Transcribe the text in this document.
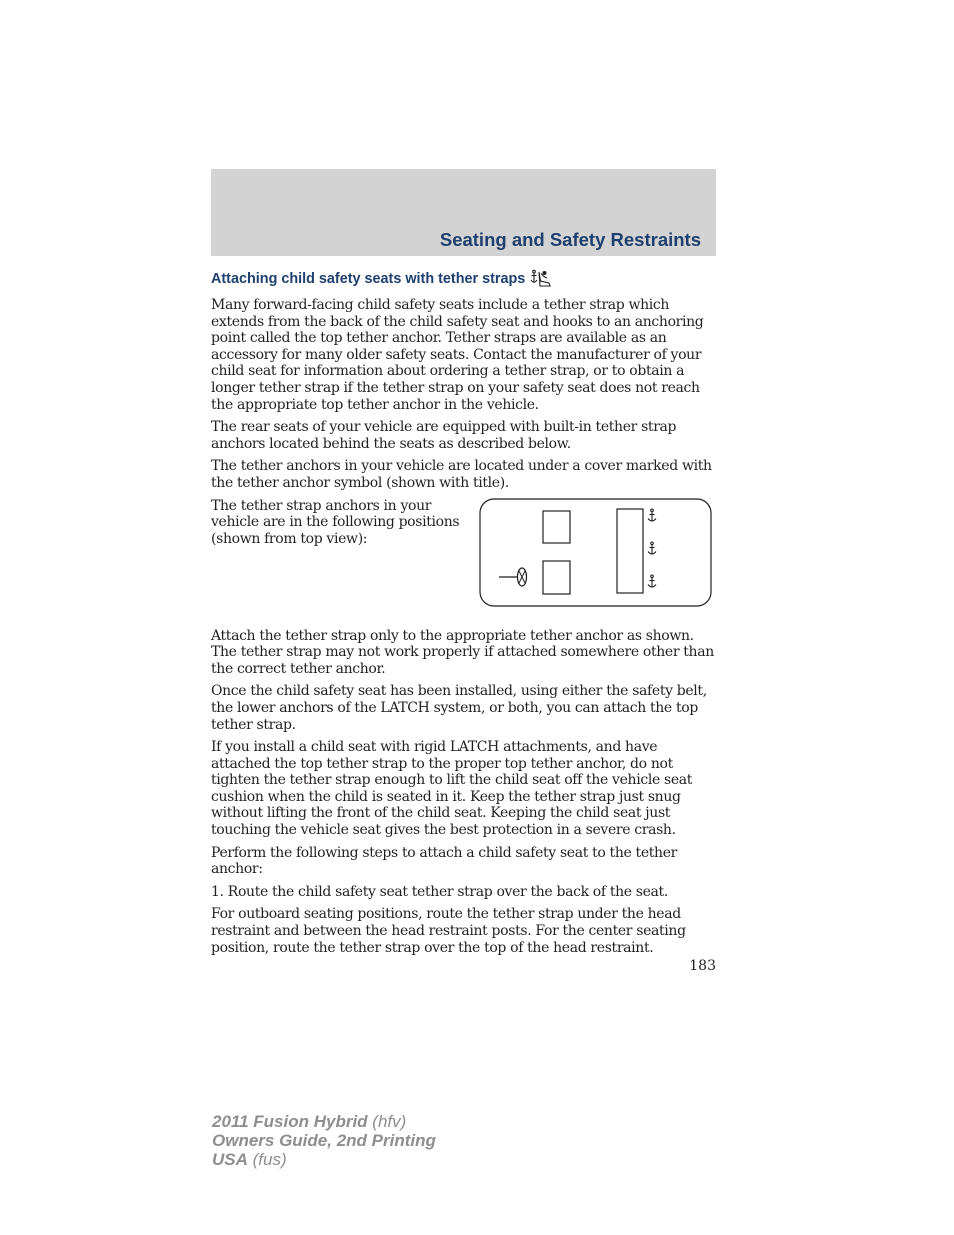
Seating and Safety Restraints
Attaching child safety seats with tether straps

Many forward-facing child safety seats include a tether strap which extends from the back of the child safety seat and hooks to an anchoring point called the top tether anchor. Tether straps are available as an accessory for many older safety seats. Contact the manufacturer of your child seat for information about ordering a tether strap, or to obtain a longer tether strap if the tether strap on your safety seat does not reach the appropriate top tether anchor in the vehicle.

The rear seats of your vehicle are equipped with built-in tether strap anchors located behind the seats as described below.

The tether anchors in your vehicle are located under a cover marked with the tether anchor symbol (shown with title).

The tether strap anchors in your vehicle are in the following positions (shown from top view):

Attach the tether strap only to the appropriate tether anchor as shown. The tether strap may not work properly if attached somewhere other than the correct tether anchor.

Once the child safety seat has been installed, using either the safety belt, the lower anchors of the LATCH system, or both, you can attach the top tether strap.

If you install a child seat with rigid LATCH attachments, and have attached the top tether strap to the proper top tether anchor, do not tighten the tether strap enough to lift the child seat off the vehicle seat cushion when the child is seated in it. Keep the tether strap just snug without lifting the front of the child seat. Keeping the child seat just touching the vehicle seat gives the best protection in a severe crash.

Perform the following steps to attach a child safety seat to the tether anchor:

1. Route the child safety seat tether strap over the back of the seat.

For outboard seating positions, route the tether strap under the head restraint and between the head restraint posts. For the center seating position, route the tether strap over the top of the head restraint.

183
2011 Fusion Hybrid (hfv)
Owners Guide, 2nd Printing
USA (fus)
